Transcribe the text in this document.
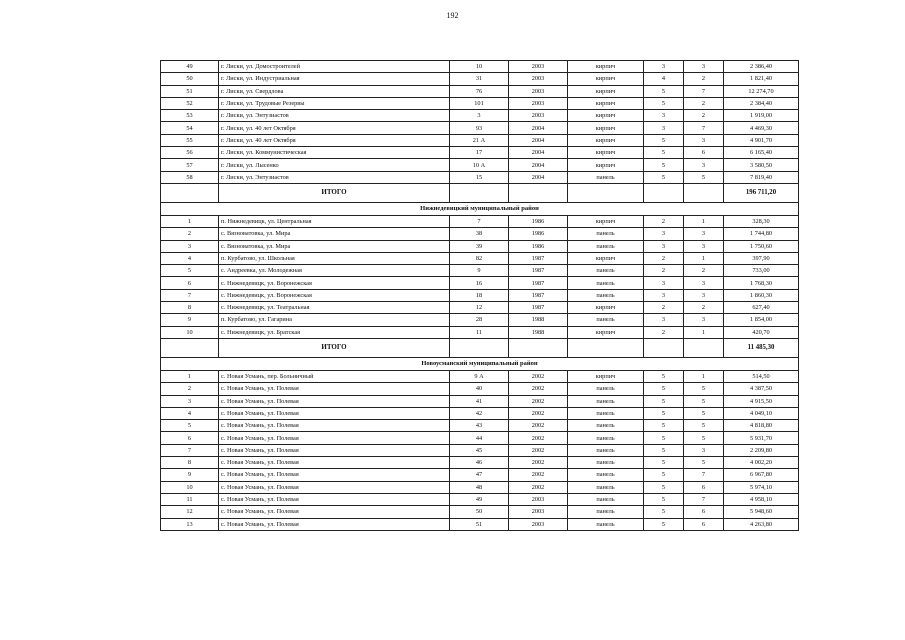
192
49	г. Лиски, ул. Домостроителей	10	2003	кирпич	3	3	2 386,40
50	г. Лиски, ул. Индустриальная	31	2003	кирпич	4	2	1 821,40
51	г. Лиски, ул. Свердлова	76	2003	кирпич	5	7	12 274,70
52	г. Лиски, ул. Трудовые Резервы	101	2003	кирпич	5	2	2 384,40
53	г. Лиски, ул. Энтузиастов	3	2003	кирпич	3	2	1 919,00
54	г. Лиски, ул. 40 лет Октября	93	2004	кирпич	3	7	4 469,30
55	г. Лиски, ул. 40 лет Октября	21 А	2004	кирпич	5	3	4 901,70
56	г. Лиски, ул. Коммунистическая	17	2004	кирпич	5	6	6 165,40
57	г. Лиски, ул. Лысенко	10 А	2004	кирпич	5	3	3 580,50
58	г. Лиски, ул. Энтузиастов	15	2004	панель	5	5	7 819,40
	ИТОГО						196 711,20
Нижнедевицкий муниципальный район							
1	п. Нижнедевицк, ул. Центральная	7	1986	кирпич	2	1	328,30
2	с. Вязноватовка, ул. Мира	38	1986	панель	3	3	1 744,80
3	с. Вязноватовка, ул. Мира	39	1986	панель	3	3	1 750,60
4	п. Курбатово, ул. Школьная	82	1987	кирпич	2	1	397,90
5	с. Андреевка, ул. Молодежная	9	1987	панель	2	2	733,00
6	с. Нижнедевицк, ул. Воронежская	16	1987	панель	3	3	1 768,30
7	с. Нижнедевицк, ул. Воронежская	18	1987	панель	3	3	1 860,30
8	с. Нижнедевицк, ул. Театральная	12	1987	кирпич	2	2	627,40
9	п. Курбатово, ул. Гагарина	28	1988	панель	3	3	1 854,00
10	с. Нижнедевицк, ул. Братская	11	1988	кирпич	2	1	420,70
	ИТОГО						11 485,30
Новоусманский муниципальный район							
1	с. Новая Усмань, пер. Больничный	9 А	2002	кирпич	5	1	514,50
2	с. Новая Усмань, ул. Полевая	40	2002	панель	5	5	4 387,50
3	с. Новая Усмань, ул. Полевая	41	2002	панель	5	5	4 915,50
4	с. Новая Усмань, ул. Полевая	42	2002	панель	5	5	4 049,10
5	с. Новая Усмань, ул. Полевая	43	2002	панель	5	5	4 818,80
6	с. Новая Усмань, ул. Полевая	44	2002	панель	5	5	5 931,70
7	с. Новая Усмань, ул. Полевая	45	2002	панель	5	3	2 209,80
8	с. Новая Усмань, ул. Полевая	46	2002	панель	5	5	4 002,20
9	с. Новая Усмань, ул. Полевая	47	2002	панель	5	7	6 967,80
10	с. Новая Усмань, ул. Полевая	48	2002	панель	5	6	5 974,10
11	с. Новая Усмань, ул. Полевая	49	2003	панель	5	7	4 958,10
12	с. Новая Усмань, ул. Полевая	50	2003	панель	5	6	5 948,60
13	с. Новая Усмань, ул. Полевая	51	2003	панель	5	6	4 263,80
